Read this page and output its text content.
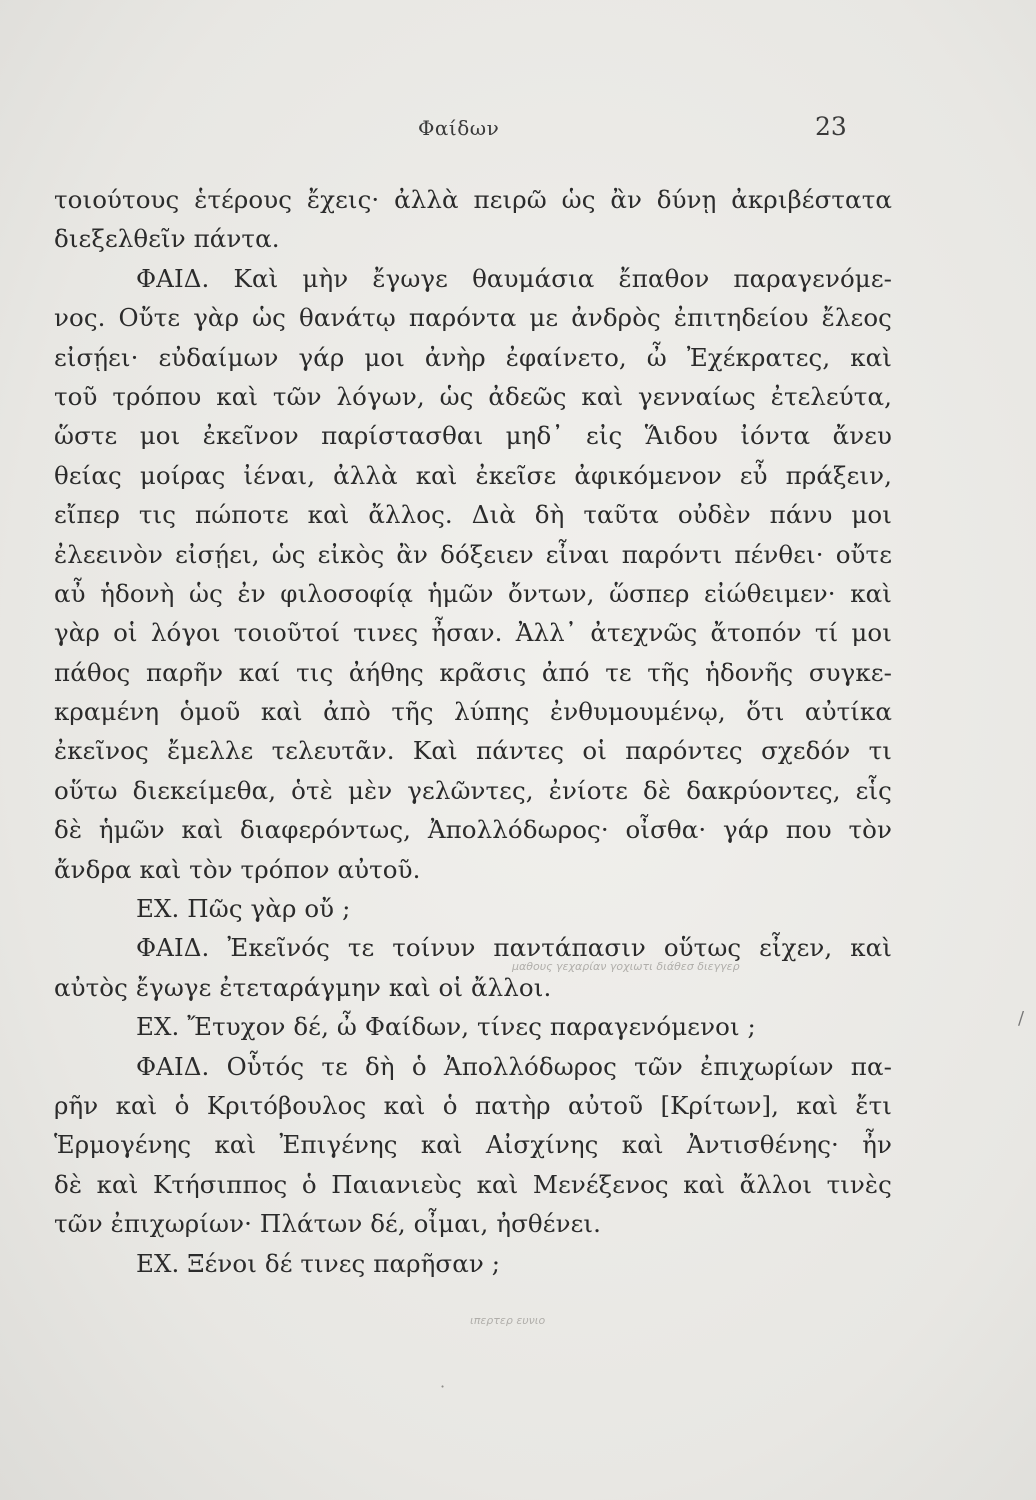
Φαίδων	23
τοιούτους ἑτέρους ἔχεις· ἀλλὰ πειρῶ ὡς ἂν δύνῃ ἀκριβέστατα
διεξελθεῖν πάντα.
ΦΑΙΔ. Καὶ μὴν ἔγωγε θαυμάσια ἔπαθον παραγενόμε-
νος. Οὔτε γὰρ ὡς θανάτῳ παρόντα με ἀνδρὸς ἐπιτηδείου ἔλεος
εἰσῄει· εὐδαίμων γάρ μοι ἀνὴρ ἐφαίνετο, ὦ Ἐχέκρατες, καὶ
τοῦ τρόπου καὶ τῶν λόγων, ὡς ἀδεῶς καὶ γενναίως ἐτελεύτα,
ὥστε μοι ἐκεῖνον παρίστασθαι μηδ᾽ εἰς Ἅιδου ἰόντα ἄνευ
θείας μοίρας ἰέναι, ἀλλὰ καὶ ἐκεῖσε ἀφικόμενον εὖ πράξειν,
εἴπερ τις πώποτε καὶ ἄλλος. Διὰ δὴ ταῦτα οὐδὲν πάνυ μοι
ἐλεεινὸν εἰσῄει, ὡς εἰκὸς ἂν δόξειεν εἶναι παρόντι πένθει· οὔτε
αὖ ἡδονὴ ὡς ἐν φιλοσοφίᾳ ἡμῶν ὄντων, ὥσπερ εἰώθειμεν· καὶ
γὰρ οἱ λόγοι τοιοῦτοί τινες ἦσαν. Ἀλλ᾽ ἀτεχνῶς ἄτοπόν τί μοι
πάθος παρῆν καί τις ἀήθης κρᾶσις ἀπό τε τῆς ἡδονῆς συγκε-
κραμένη ὁμοῦ καὶ ἀπὸ τῆς λύπης ἐνθυμουμένῳ, ὅτι αὐτίκα
ἐκεῖνος ἔμελλε τελευτᾶν. Καὶ πάντες οἱ παρόντες σχεδόν τι
οὕτω διεκείμεθα, ὁτὲ μὲν γελῶντες, ἐνίοτε δὲ δακρύοντες, εἷς
δὲ ἡμῶν καὶ διαφερόντως, Ἀπολλόδωρος· οἶσθα· γάρ που τὸν
ἄνδρα καὶ τὸν τρόπον αὐτοῦ.
ΕΧ. Πῶς γὰρ οὔ ;
ΦΑΙΔ. Ἐκεῖνός τε τοίνυν παντάπασιν οὕτως εἶχεν, καὶ
αὐτὸς ἔγωγε ἐτεταράγμην καὶ οἱ ἄλλοι.
ΕΧ. Ἔτυχον δέ, ὦ Φαίδων, τίνες παραγενόμενοι ;
ΦΑΙΔ. Οὗτός τε δὴ ὁ Ἀπολλόδωρος τῶν ἐπιχωρίων πα-
ρῆν καὶ ὁ Κριτόβουλος καὶ ὁ πατὴρ αὐτοῦ [Κρίτων], καὶ ἔτι
Ἑρμογένης καὶ Ἐπιγένης καὶ Αἰσχίνης καὶ Ἀντισθένης· ἦν
δὲ καὶ Κτήσιππος ὁ Παιανιεὺς καὶ Μενέξενος καὶ ἄλλοι τινὲς
τῶν ἐπιχωρίων· Πλάτων δέ, οἶμαι, ἠσθένει.
ΕΧ. Ξένοι δέ τινες παρῆσαν ;
μαθους γεχαρίαν γοχιωτι διάθεσ διεγγερ
ιπερτερ ευνιο
/
·
